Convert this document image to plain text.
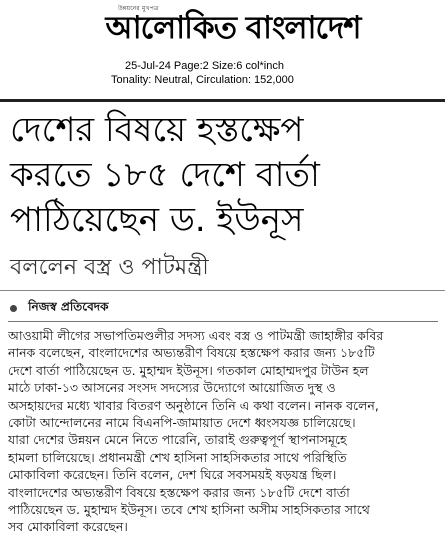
উন্নয়নের মুখপত্র
আলোকিত বাংলাদেশ
25-Jul-24 Page:2 Size:6 col*inch
Tonality: Neutral, Circulation: 152,000
দেশের বিষয়ে হস্তক্ষেপ
করতে ১৮৫ দেশে বার্তা
পাঠিয়েছেন ড. ইউনূস
বললেন বস্ত্র ও পাটমন্ত্রী
নিজস্ব প্রতিবেদক
আওয়ামী লীগের সভাপতিমণ্ডলীর সদস্য এবং বস্ত্র ও পাটমন্ত্রী জাহাঙ্গীর কবির
নানক বলেছেন, বাংলাদেশের অভ্যন্তরীণ বিষয়ে হস্তক্ষেপ করার জন্য ১৮৫টি
দেশে বার্তা পাঠিয়েছেন ড. মুহাম্মদ ইউনূস। গতকাল মোহাম্মদপুর টাউন হল
মাঠে ঢাকা-১৩ আসনের সংসদ সদস্যের উদ্যোগে আয়োজিত দুস্থ ও
অসহায়দের মধ্যে খাবার বিতরণ অনুষ্ঠানে তিনি এ কথা বলেন। নানক বলেন,
কোটা আন্দোলনের নামে বিএনপি-জামায়াত দেশে ধ্বংসযজ্ঞ চালিয়েছে।
যারা দেশের উন্নয়ন মেনে নিতে পারেনি, তারাই গুরুত্বপূর্ণ স্থাপনাসমূহে
হামলা চালিয়েছে। প্রধানমন্ত্রী শেখ হাসিনা সাহসিকতার সাথে পরিস্থিতি
মোকাবিলা করেছেন। তিনি বলেন, দেশ ঘিরে সবসময়ই ষড়যন্ত্র ছিল।
বাংলাদেশের অভ্যন্তরীণ বিষয়ে হস্তক্ষেপ করার জন্য ১৮৫টি দেশে বার্তা
পাঠিয়েছেন ড. মুহাম্মদ ইউনূস। তবে শেখ হাসিনা অসীম সাহসিকতার সাথে
সব মোকাবিলা করেছেন।
